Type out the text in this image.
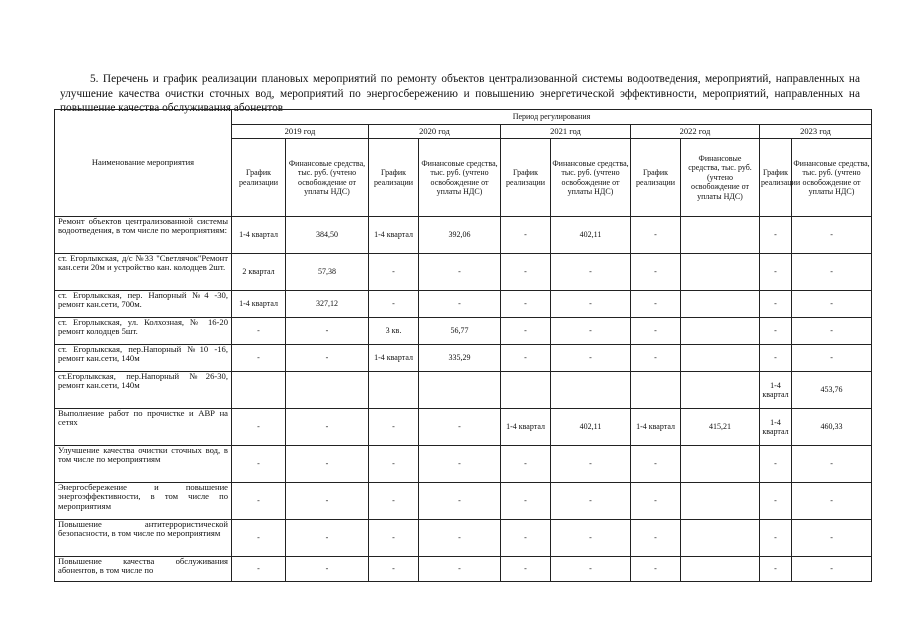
5. Перечень и график реализации плановых мероприятий по ремонту объектов централизованной системы водоотведения, мероприятий, направленных на улучшение качества очистки сточных вод, мероприятий по энергосбережению и повышению энергетической эффективности, мероприятий, направленных на повышение качества обслуживания абонентов

Наименование мероприятия	Период регулирования									
	2019 год		2020 год		2021 год		2022 год		2023 год	
	График реализации	Финансовые средства, тыс. руб. (учтено освобождение от уплаты НДС)	График реализации	Финансовые средства, тыс. руб. (учтено освобождение от уплаты НДС)	График реализации	Финансовые средства, тыс. руб. (учтено освобождение от уплаты НДС)	График реализации	Финансовые средства, тыс. руб. (учтено освобождение от уплаты НДС)	График реализации	Финансовые средства, тыс. руб. (учтено освобождение от уплаты НДС)
Ремонт объектов централизованной системы водоотведения, в том числе по мероприятиям:	1-4 квартал	384,50	1-4 квартал	392,06	-	402,11	-		-	-
ст. Егорлыкская, д/с №33 "Светлячок"Ремонт кан.сети 20м и устройство кан. колодцев 2шт.	2 квартал	57,38	-	-	-	-	-		-	-
ст. Егорлыкская, пер. Напорный №4 -30, ремонт кан.сети, 700м.	1-4 квартал	327,12	-	-	-	-	-		-	-
ст. Егорлыкская, ул. Колхозная, № 16-20 ремонт колодцев 5шт.	-	-	3 кв.	56,77	-	-	-		-	-
ст. Егорлыкская, пер.Напорный №10 -16, ремонт кан.сети, 140м	-	-	1-4 квартал	335,29	-	-	-		-	-
ст.Егорлыкская, пер.Напорный №26-30, ремонт кан.сети, 140м									1-4 квартал	453,76
Выполнение работ по прочистке и АВР на сетях	-	-	-	-	1-4 квартал	402,11	1-4 квартал	415,21	1-4 квартал	460,33
Улучшение качества очистки сточных вод, в том числе по мероприятиям	-	-	-	-	-	-	-		-	-
Энергосбережение и повышение энергоэффективности, в том числе по мероприятиям	-	-	-	-	-	-	-		-	-
Повышение антитеррористической безопасности, в том числе по мероприятиям	-	-	-	-	-	-	-		-	-
Повышение качества обслуживания абонентов, в том числе по	-	-	-	-	-	-	-		-	-
